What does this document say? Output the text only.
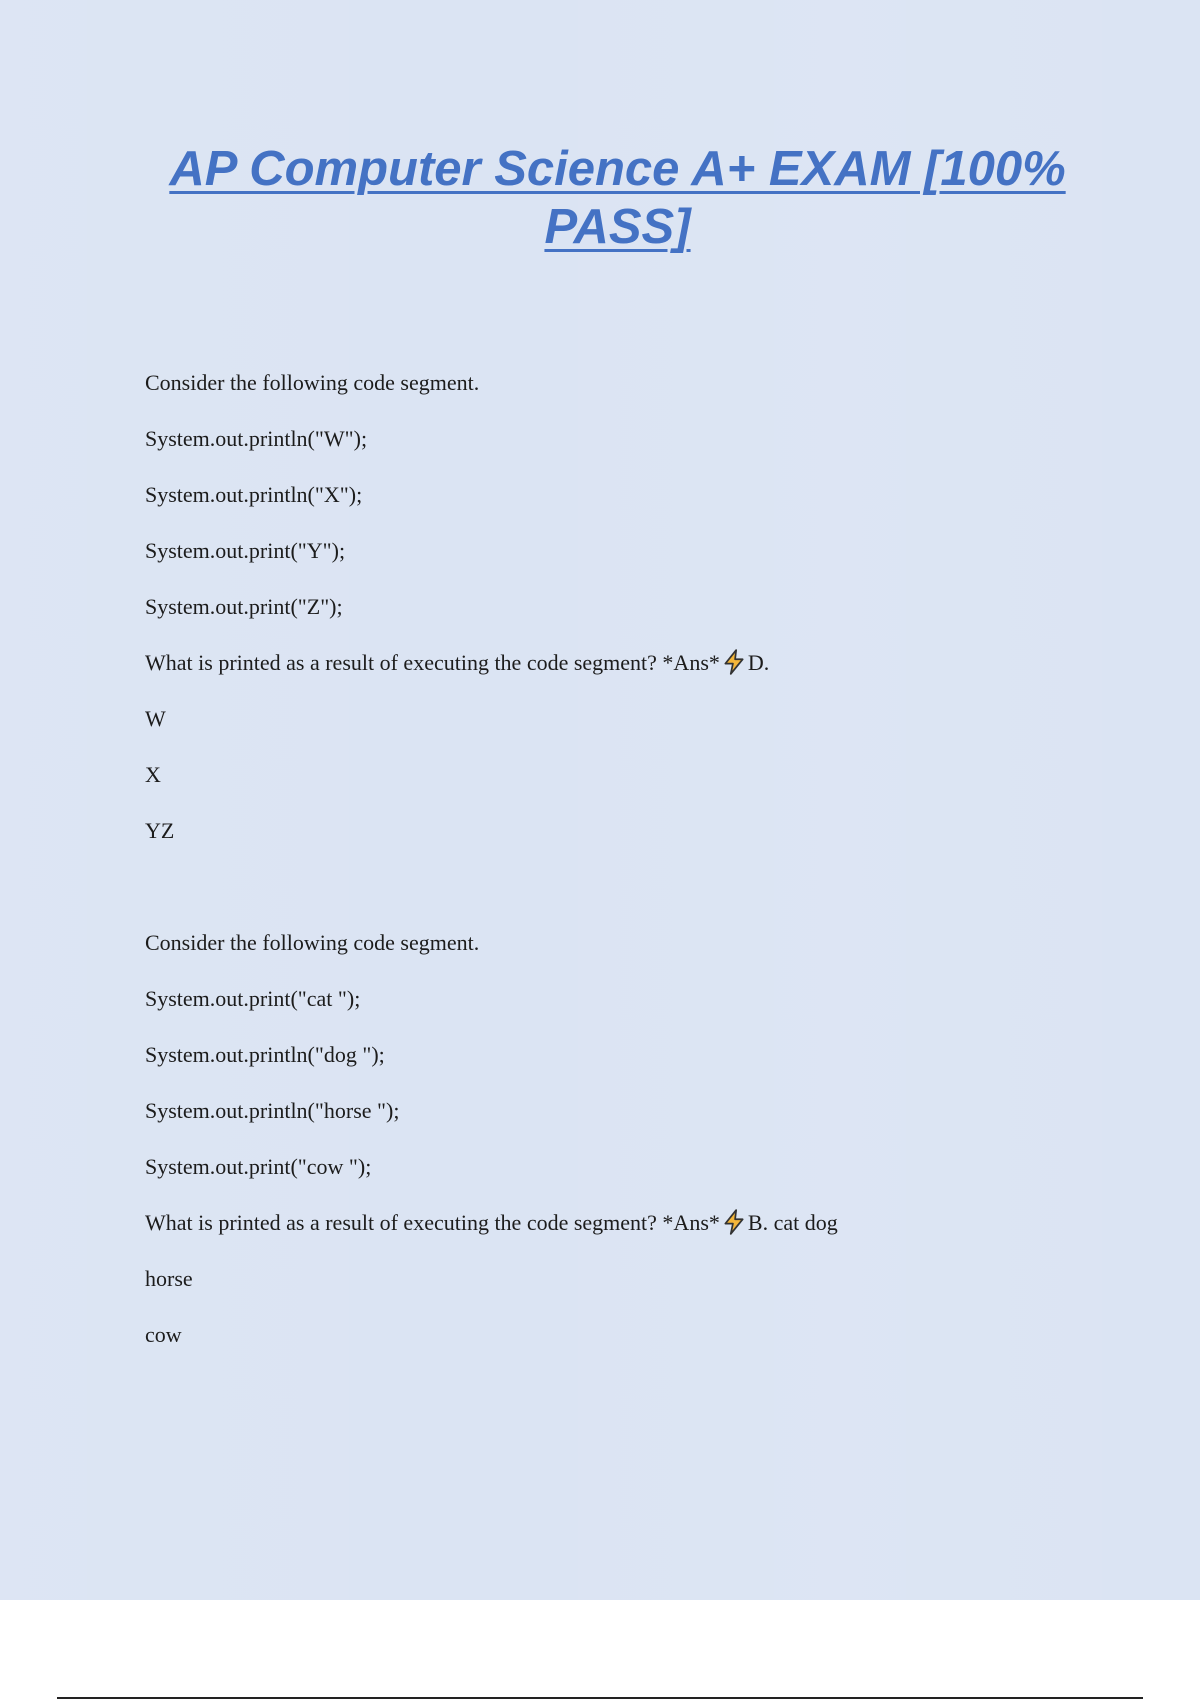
AP Computer Science A+ EXAM [100% PASS]
Consider the following code segment.
System.out.println("W");
System.out.println("X");
System.out.print("Y");
System.out.print("Z");
What is printed as a result of executing the code segment? *Ans* D.
W
X
YZ
Consider the following code segment.
System.out.print("cat ");
System.out.println("dog ");
System.out.println("horse ");
System.out.print("cow ");
What is printed as a result of executing the code segment? *Ans* B. cat dog
horse
cow
